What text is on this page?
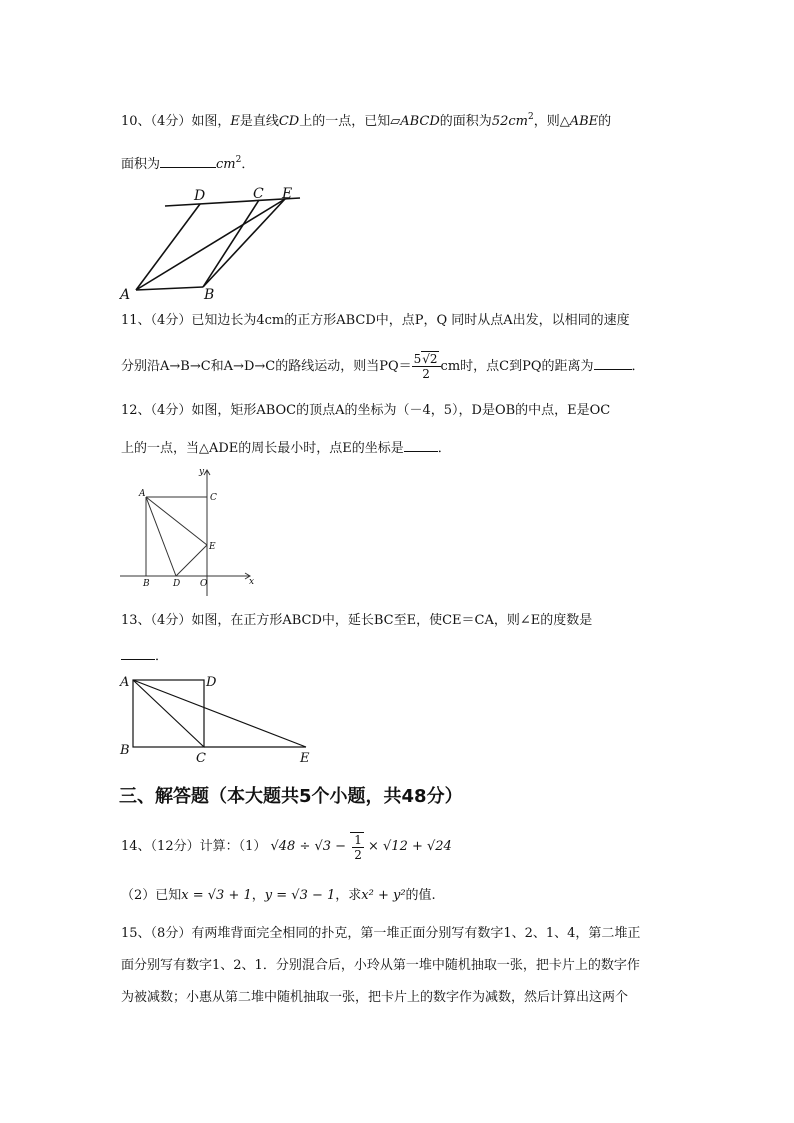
10、（4分）如图，E是直线CD上的一点，已知▱ABCD的面积为$52cm^2$，则△ABE的
面积为	$cm^2$．
D	C E
A	B
11、（4分）已知边长为4cm的正方形ABCD中，点P，Q 同时从点A出发，以相同的速度
分别沿A→B→C和A→D→C的路线运动，则当$PQ= \frac{5√2}{2}$ cm时，点C到PQ的距离为	．
12、（4分）如图，矩形ABOC的顶点A的坐标为（－4，5），D是OB的中点，E是OC
上的一点，当△ADE的周长最小时，点E的坐标是	．
y
x
A	C
E
B	D O
13、（4分）如图，在正方形ABCD中，延长BC至E，使CE＝CA，则∠E的度数是
．
A	D
B
C	E
三、解答题（本大题共5个小题，共48分）
14、（12分）计算：（1） $√48 \div √3 - \frac{1}{2} \times √12 + √24$
（2）已知x = √3 + 1，y = √3 − 1，求x² + y²的值.
15、（8分）有两堆背面完全相同的扑克，第一堆正面分别写有数字1、2、1、4，第二堆正
面分别写有数字1、2、1．分别混合后，小玲从第一堆中随机抽取一张，把卡片上的数字作
为被减数；小惠从第二堆中随机抽取一张，把卡片上的数字作为减数，然后计算出这两个
